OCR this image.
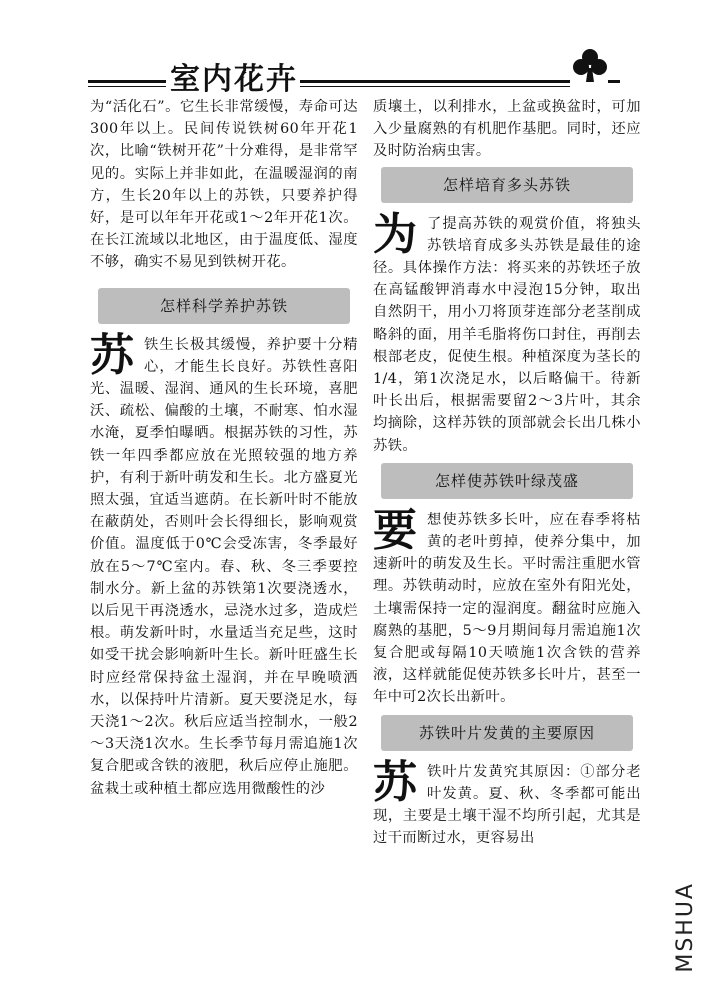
室内花卉

为“活化石”。它生长非常缓慢，寿命可达300年以上。民间传说铁树60年开花1次，比喻“铁树开花”十分难得，是非常罕见的。实际上并非如此，在温暖湿润的南方，生长20年以上的苏铁，只要养护得好，是可以年年开花或1～2年开花1次。在长江流域以北地区，由于温度低、湿度不够，确实不易见到铁树开花。

怎样科学养护苏铁

苏 铁生长极其缓慢，养护要十分精心，才能生长良好。苏铁性喜阳光、温暖、湿润、通风的生长环境，喜肥沃、疏松、偏酸的土壤，不耐寒、怕水湿水淹，夏季怕曝晒。根据苏铁的习性，苏铁一年四季都应放在光照较强的地方养护，有利于新叶萌发和生长。北方盛夏光照太强，宜适当遮荫。在长新叶时不能放在蔽荫处，否则叶会长得细长，影响观赏价值。温度低于0℃会受冻害，冬季最好放在5～7℃室内。春、秋、冬三季要控制水分。新上盆的苏铁第1次要浇透水，以后见干再浇透水，忌浇水过多，造成烂根。萌发新叶时，水量适当充足些，这时如受干扰会影响新叶生长。新叶旺盛生长时应经常保持盆土湿润，并在早晚喷洒水，以保持叶片清新。夏天要浇足水，每天浇1～2次。秋后应适当控制水，一般2～3天浇1次水。生长季节每月需追施1次复合肥或含铁的液肥，秋后应停止施肥。盆栽土或种植土都应选用微酸性的沙

质壤土，以利排水，上盆或换盆时，可加入少量腐熟的有机肥作基肥。同时，还应及时防治病虫害。

怎样培育多头苏铁

为 了提高苏铁的观赏价值，将独头苏铁培育成多头苏铁是最佳的途径。具体操作方法：将买来的苏铁坯子放在高锰酸钾消毒水中浸泡15分钟，取出自然阴干，用小刀将顶芽连部分老茎削成略斜的面，用羊毛脂将伤口封住，再削去根部老皮，促使生根。种植深度为茎长的1/4，第1次浇足水，以后略偏干。待新叶长出后，根据需要留2～3片叶，其余均摘除，这样苏铁的顶部就会长出几株小苏铁。

怎样使苏铁叶绿茂盛

要 想使苏铁多长叶，应在春季将枯黄的老叶剪掉，使养分集中，加速新叶的萌发及生长。平时需注重肥水管理。苏铁萌动时，应放在室外有阳光处，土壤需保持一定的湿润度。翻盆时应施入腐熟的基肥，5～9月期间每月需追施1次复合肥或每隔10天喷施1次含铁的营养液，这样就能促使苏铁多长叶片，甚至一年中可2次长出新叶。

苏铁叶片发黄的主要原因

苏 铁叶片发黄究其原因：①部分老叶发黄。夏、秋、冬季都可能出现，主要是土壤干湿不均所引起，尤其是过干而断过水，更容易出

MSHUA
